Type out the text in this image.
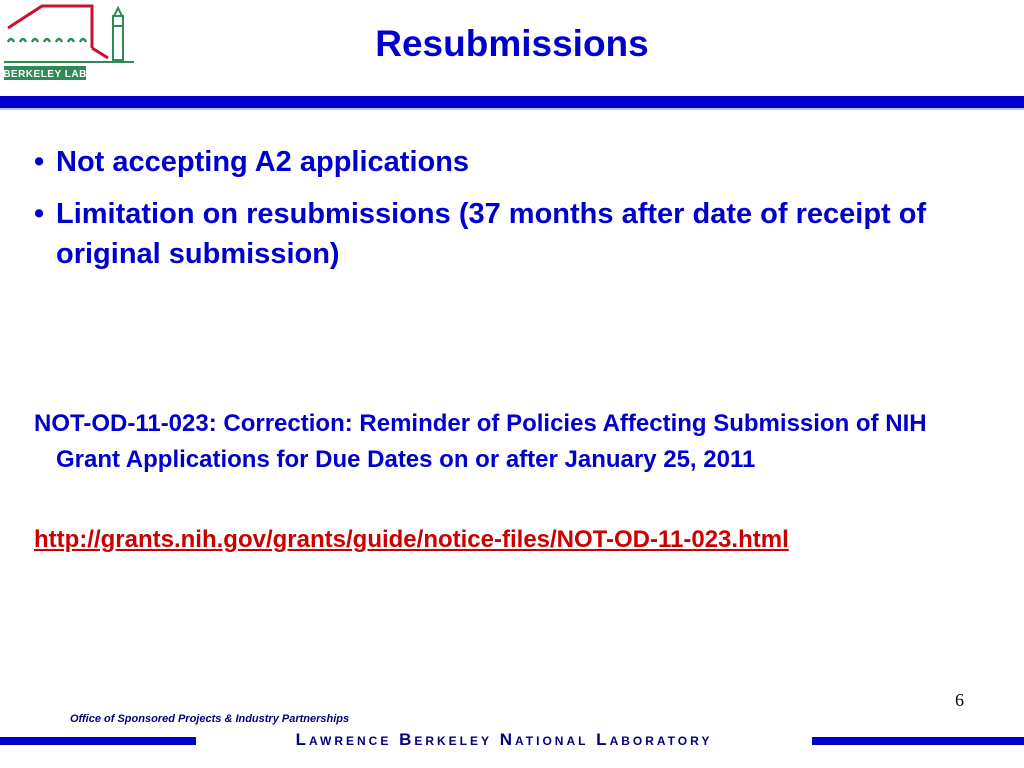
BERKELEY LAB
Resubmissions
• Not accepting A2 applications
• Limitation on resubmissions (37 months after date of receipt of original submission)
NOT-OD-11-023: Correction: Reminder of Policies Affecting Submission of NIH Grant Applications for Due Dates on or after January 25, 2011
http://grants.nih.gov/grants/guide/notice-files/NOT-OD-11-023.html
6
Office of Sponsored Projects & Industry Partnerships
Lawrence Berkeley National Laboratory
